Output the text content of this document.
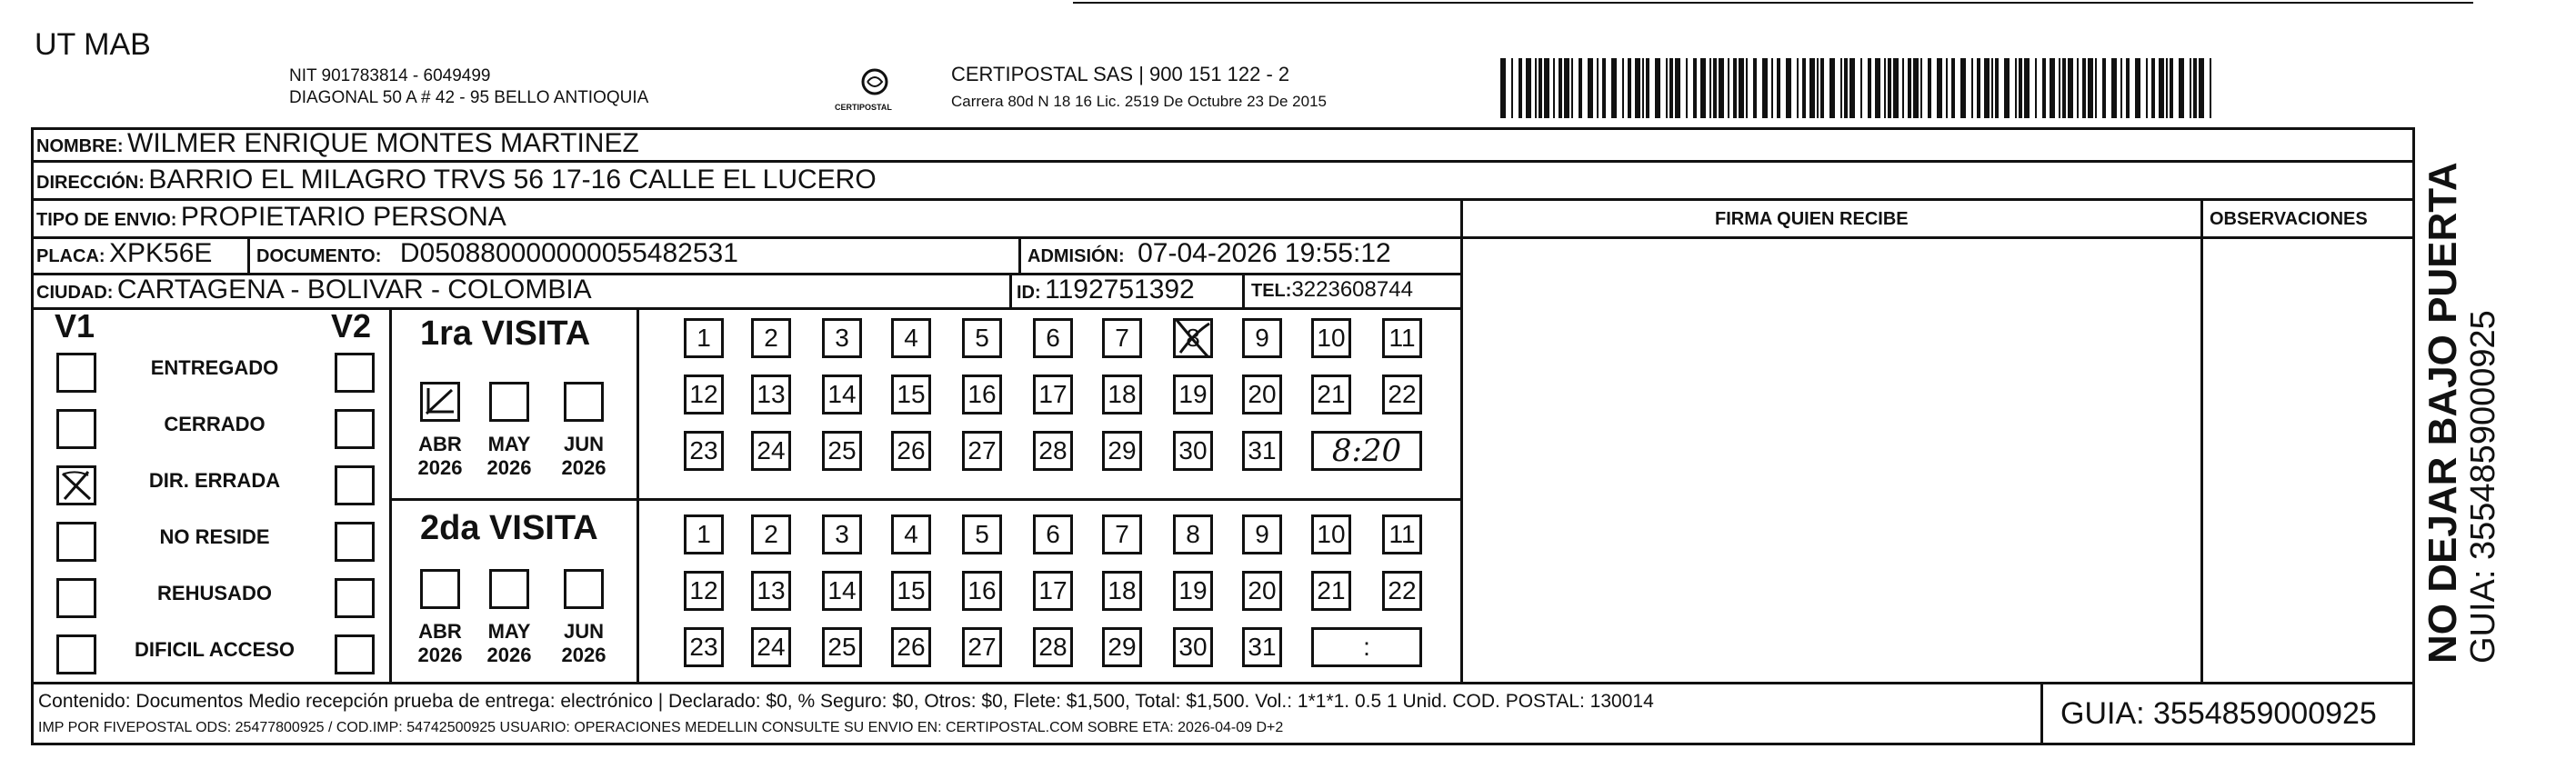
UT MAB
NIT 901783814 - 6049499
DIAGONAL 50 A # 42 - 95 BELLO ANTIOQUIA	CERTIPOSTAL
CERTIPOSTAL SAS | 900 151 122 - 2
Carrera 80d N 18 16 Lic. 2519 De Octubre 23 De 2015
NOMBRE: WILMER ENRIQUE MONTES MARTINEZ
DIRECCIÓN: BARRIO EL MILAGRO TRVS 56 17-16 CALLE EL LUCERO
TIPO DE ENVIO: PROPIETARIO PERSONA	FIRMA QUIEN RECIBE	OBSERVACIONES
PLACA: XPK56E DOCUMENTO: D050880000000055482531	ADMISIÓN: 07-04-2026 19:55:12
CIUDAD: CARTAGENA - BOLIVAR - COLOMBIA	ID: 1192751392	TEL:3223608744
V1	V2
ENTREGADO
CERRADO
DIR. ERRADA
NO RESIDE
REHUSADO
DIFICIL ACCESO
1ra VISITA
2da VISITA
ABR
2026
MAY
2026
JUN
2026
ABR
2026
MAY
2026
JUN
2026
1	2	3	4	5	6	7	8	9	10 11
12 13 14 15 16 17 18 19 20 21 22
23 24 25 26 27 28 29 30 31 8:20
1	2	3	4	5	6	7	8	9	10 11
12 13 14 15 16 17 18 19 20 21 22
23 24 25 26 27 28 29 30 31	:
Contenido: Documentos Medio recepción prueba de entrega: electrónico | Declarado: $0, % Seguro: $0, Otros: $0, Flete: $1,500, Total: $1,500. Vol.: 1*1*1. 0.5 1 Unid. COD. POSTAL: 130014
IMP POR FIVEPOSTAL ODS: 25477800925 / COD.IMP: 54742500925 USUARIO: OPERACIONES MEDELLIN CONSULTE SU ENVIO EN: CERTIPOSTAL.COM SOBRE ETA: 2026-04-09 D+2	GUIA: 3554859000925
NO DEJAR BAJO PUERTA GUIA: 3554859000925
